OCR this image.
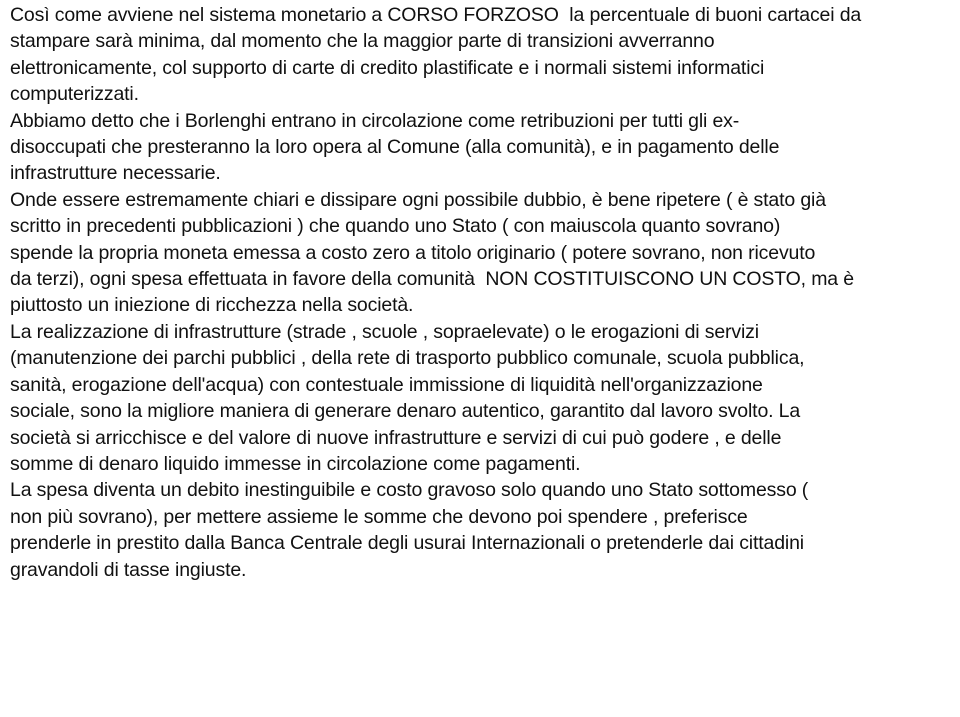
Così come avviene nel sistema monetario a CORSO FORZOSO  la percentuale di buoni cartacei da
stampare sarà minima, dal momento che la maggior parte di transizioni avverranno
elettronicamente, col supporto di carte di credito plastificate e i normali sistemi informatici
computerizzati.
Abbiamo detto che i Borlenghi entrano in circolazione come retribuzioni per tutti gli ex-
disoccupati che presteranno la loro opera al Comune (alla comunità), e in pagamento delle
infrastrutture necessarie.
Onde essere estremamente chiari e dissipare ogni possibile dubbio, è bene ripetere ( è stato già
scritto in precedenti pubblicazioni ) che quando uno Stato ( con maiuscola quanto sovrano)
spende la propria moneta emessa a costo zero a titolo originario ( potere sovrano, non ricevuto
da terzi), ogni spesa effettuata in favore della comunità  NON COSTITUISCONO UN COSTO, ma è
piuttosto un iniezione di ricchezza nella società.
La realizzazione di infrastrutture (strade , scuole , sopraelevate) o le erogazioni di servizi
(manutenzione dei parchi pubblici , della rete di trasporto pubblico comunale, scuola pubblica,
sanità, erogazione dell'acqua) con contestuale immissione di liquidità nell'organizzazione
sociale, sono la migliore maniera di generare denaro autentico, garantito dal lavoro svolto. La
società si arricchisce e del valore di nuove infrastrutture e servizi di cui può godere , e delle
somme di denaro liquido immesse in circolazione come pagamenti.
La spesa diventa un debito inestinguibile e costo gravoso solo quando uno Stato sottomesso (
non più sovrano), per mettere assieme le somme che devono poi spendere , preferisce
prenderle in prestito dalla Banca Centrale degli usurai Internazionali o pretenderle dai cittadini
gravandoli di tasse ingiuste.
